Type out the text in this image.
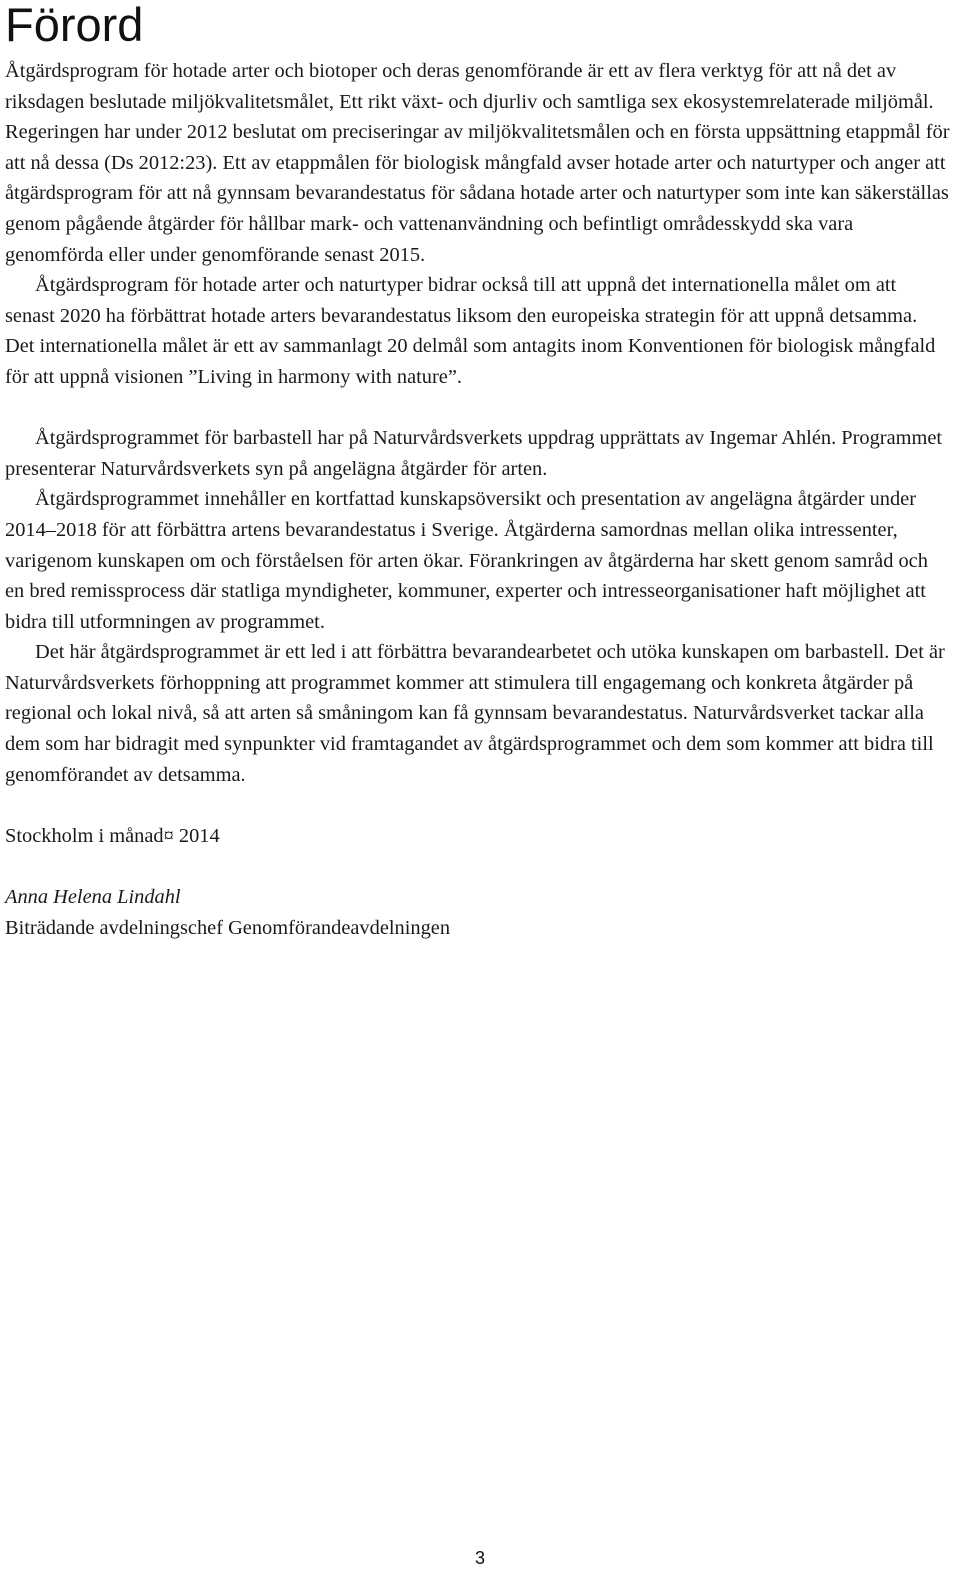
Förord

Åtgärdsprogram för hotade arter och biotoper och deras genomförande är ett av flera verktyg för att nå det av riksdagen beslutade miljökvalitetsmålet, Ett rikt växt- och djurliv och samtliga sex ekosystemrelaterade miljömål. Regeringen har under 2012 beslutat om preciseringar av miljökvalitetsmålen och en första uppsättning etappmål för att nå dessa (Ds 2012:23). Ett av etappmålen för biologisk mångfald avser hotade arter och naturtyper och anger att åtgärdsprogram för att nå gynnsam bevarandestatus för sådana hotade arter och naturtyper som inte kan säkerställas genom pågående åtgärder för hållbar mark- och vattenanvändning och befintligt områdesskydd ska vara genomförda eller under genomförande senast 2015.

Åtgärdsprogram för hotade arter och naturtyper bidrar också till att uppnå det internationella målet om att senast 2020 ha förbättrat hotade arters bevarandestatus liksom den europeiska strategin för att uppnå detsamma. Det internationella målet är ett av sammanlagt 20 delmål som antagits inom Konventionen för biologisk mångfald för att uppnå visionen ”Living in harmony with nature”.

Åtgärdsprogrammet för barbastell har på Naturvårdsverkets uppdrag upprättats av Ingemar Ahlén. Programmet presenterar Naturvårdsverkets syn på angelägna åtgärder för arten.

Åtgärdsprogrammet innehåller en kortfattad kunskapsöversikt och presentation av angelägna åtgärder under 2014–2018 för att förbättra artens bevarandestatus i Sverige. Åtgärderna samordnas mellan olika intressenter, varigenom kunskapen om och förståelsen för arten ökar. Förankringen av åtgärderna har skett genom samråd och en bred remissprocess där statliga myndigheter, kommuner, experter och intresseorganisationer haft möjlighet att bidra till utformningen av programmet.

Det här åtgärdsprogrammet är ett led i att förbättra bevarandearbetet och utöka kunskapen om barbastell. Det är Naturvårdsverkets förhoppning att programmet kommer att stimulera till engagemang och konkreta åtgärder på regional och lokal nivå, så att arten så småningom kan få gynnsam bevarandestatus. Naturvårdsverket tackar alla dem som har bidragit med synpunkter vid framtagandet av åtgärdsprogrammet och dem som kommer att bidra till genomförandet av detsamma.

Stockholm i månad¤ 2014

Anna Helena Lindahl

Biträdande avdelningschef Genomförandeavdelningen

3
